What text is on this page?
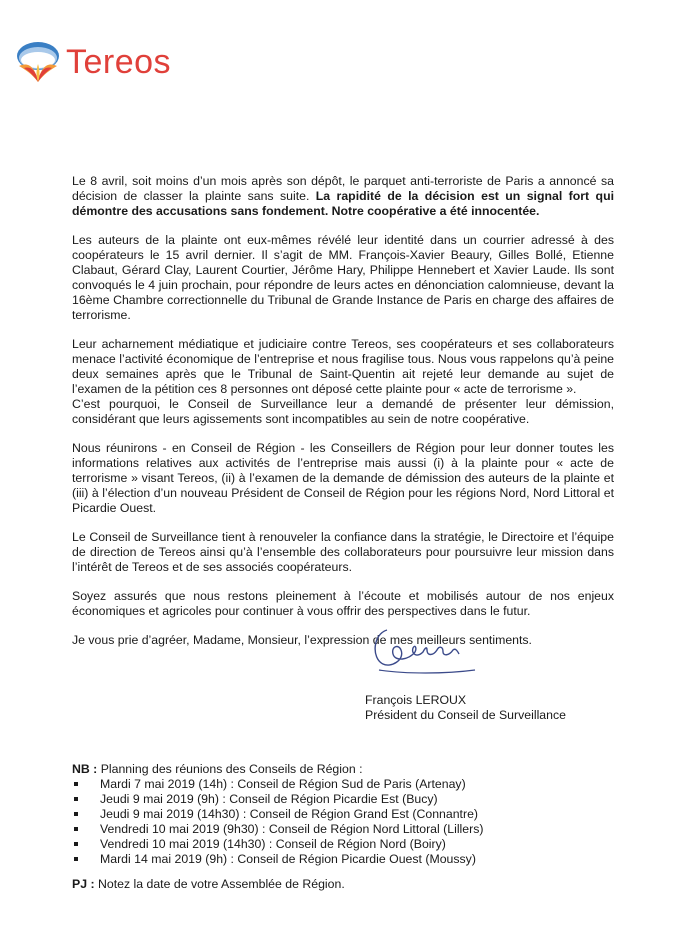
Tereos

Le 8 avril, soit moins d’un mois après son dépôt, le parquet anti-terroriste de Paris a annoncé sa décision de classer la plainte sans suite. La rapidité de la décision est un signal fort qui démontre des accusations sans fondement. Notre coopérative a été innocentée.

Les auteurs de la plainte ont eux-mêmes révélé leur identité dans un courrier adressé à des coopérateurs le 15 avril dernier. Il s’agit de MM. François-Xavier Beaury, Gilles Bollé, Etienne Clabaut, Gérard Clay, Laurent Courtier, Jérôme Hary, Philippe Hennebert et Xavier Laude. Ils sont convoqués le 4 juin prochain, pour répondre de leurs actes en dénonciation calomnieuse, devant la 16ème Chambre correctionnelle du Tribunal de Grande Instance de Paris en charge des affaires de terrorisme.

Leur acharnement médiatique et judiciaire contre Tereos, ses coopérateurs et ses collaborateurs menace l’activité économique de l’entreprise et nous fragilise tous. Nous vous rappelons qu’à peine deux semaines après que le Tribunal de Saint-Quentin ait rejeté leur demande au sujet de l’examen de la pétition ces 8 personnes ont déposé cette plainte pour « acte de terrorisme ».

C’est pourquoi, le Conseil de Surveillance leur a demandé de présenter leur démission, considérant que leurs agissements sont incompatibles au sein de notre coopérative.

Nous réunirons - en Conseil de Région - les Conseillers de Région pour leur donner toutes les informations relatives aux activités de l’entreprise mais aussi (i) à la plainte pour « acte de terrorisme » visant Tereos, (ii) à l’examen de la demande de démission des auteurs de la plainte et (iii) à l’élection d’un nouveau Président de Conseil de Région pour les régions Nord, Nord Littoral et Picardie Ouest.

Le Conseil de Surveillance tient à renouveler la confiance dans la stratégie, le Directoire et l’équipe de direction de Tereos ainsi qu’à l’ensemble des collaborateurs pour poursuivre leur mission dans l’intérêt de Tereos et de ses associés coopérateurs.

Soyez assurés que nous restons pleinement à l’écoute et mobilisés autour de nos enjeux économiques et agricoles pour continuer à vous offrir des perspectives dans le futur.

Je vous prie d’agréer, Madame, Monsieur, l’expression de mes meilleurs sentiments.

François LEROUX
Président du Conseil de Surveillance
NB : Planning des réunions des Conseils de Région :
Mardi 7 mai 2019 (14h) : Conseil de Région Sud de Paris (Artenay)
Jeudi 9 mai 2019 (9h) : Conseil de Région Picardie Est (Bucy)
Jeudi 9 mai 2019 (14h30) : Conseil de Région Grand Est (Connantre)
Vendredi 10 mai 2019 (9h30) : Conseil de Région Nord Littoral (Lillers)
Vendredi 10 mai 2019 (14h30) : Conseil de Région Nord (Boiry)
Mardi 14 mai 2019 (9h) : Conseil de Région Picardie Ouest (Moussy)
PJ : Notez la date de votre Assemblée de Région.
